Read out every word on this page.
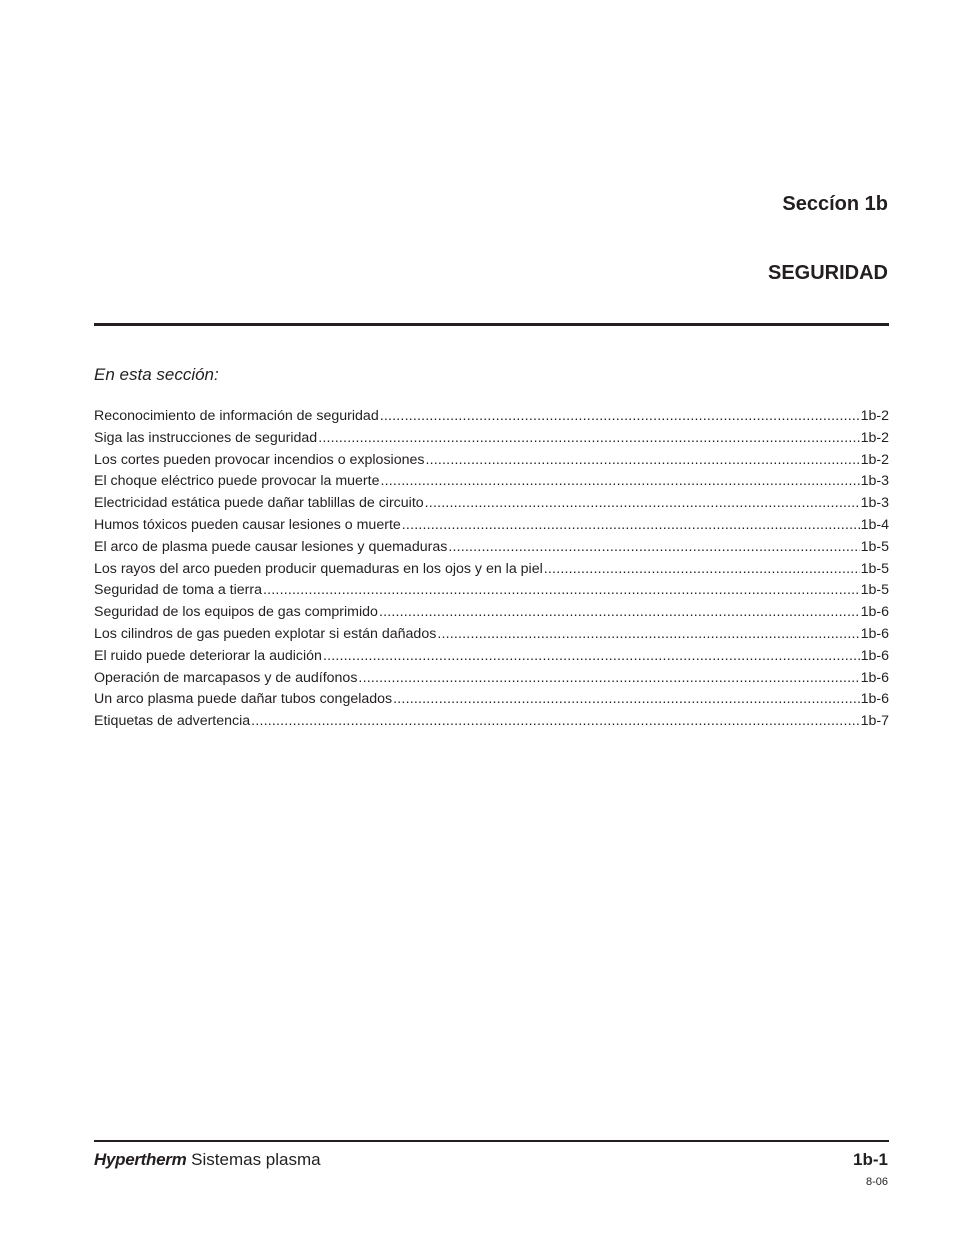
Seccíon 1b
SEGURIDAD

En esta sección:

Reconocimiento de información de seguridad .....	1b-2
Siga las instrucciones de seguridad .....	1b-2
Los cortes pueden provocar incendios o explosiones .....	1b-2
El choque eléctrico puede provocar la muerte .....	1b-3
Electricidad estática puede dañar tablillas de circuito .....	1b-3
Humos tóxicos pueden causar lesiones o muerte .....	1b-4
El arco de plasma puede causar lesiones y quemaduras .....	1b-5
Los rayos del arco pueden producir quemaduras en los ojos y en la piel .....	1b-5
Seguridad de toma a tierra .....	1b-5
Seguridad de los equipos de gas comprimido .....	1b-6
Los cilindros de gas pueden explotar si están dañados .....	1b-6
El ruido puede deteriorar la audición .....	1b-6
Operación de marcapasos y de audífonos .....	1b-6
Un arco plasma puede dañar tubos congelados .....	1b-6
Etiquetas de advertencia .....	1b-7
Hypertherm Sistemas plasma	1b-1
8-06
